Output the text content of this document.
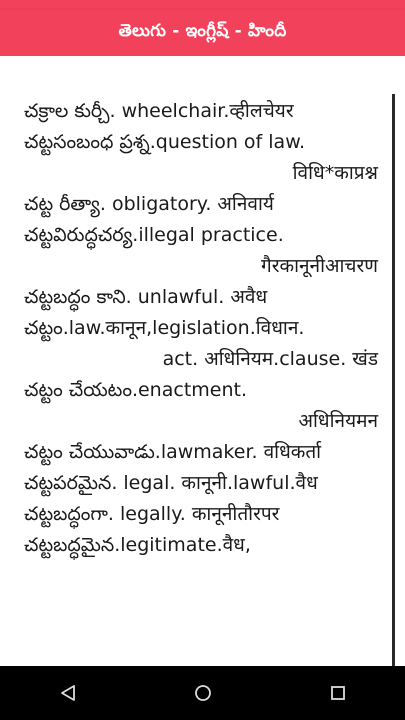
తెలుగు - ఇంగ్లీష్ - హిందీ
చక్రాల కుర్చీ. wheelchair.व्हीलचेयर
చట్టసంబంధ ప్రశ్న.question of law.
विधि*काप्रश्न
చట్ట రీత్యా. obligatory. अनिवार्य
చట్టవిరుద్ధచర్య.illegal practice.
गैरकानूनीआचरण
చట్టబద్ధం కాని. unlawful. अवैध
చట్టం.law.कानून,legislation.विधान.
act. अधिनियम.clause. खंड
చట్టం చేయటం.enactment.
अधिनियमन
చట్టం చేయువాడు.lawmaker. वधिकर्ता
చట్టపరమైన. legal. कानूनी.lawful.वैध
చట్టబద్ధంగా. legally. कानूनीतौरपर
చట్టబద్ధమైన.legitimate.वैध,
